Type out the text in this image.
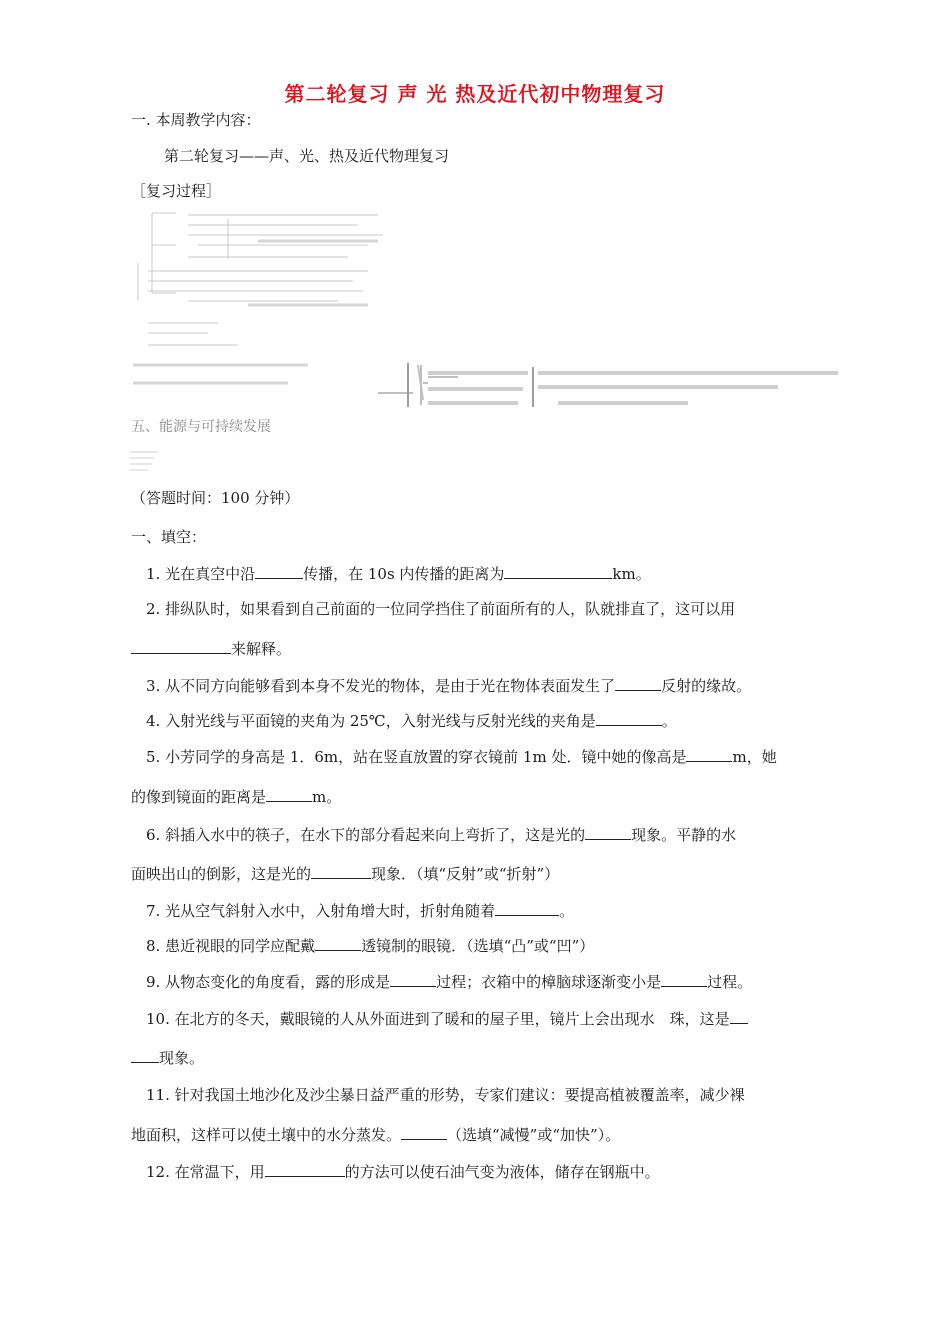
第二轮复习 声 光 热及近代初中物理复习
一. 本周教学内容：
第二轮复习——声、光、热及近代物理复习
［复习过程］
五、能源与可持续发展
（答题时间：100 分钟）
一、填空：
1. 光在真空中沿	传播，在 10s 内传播的距离为	km。
2. 排纵队时，如果看到自己前面的一位同学挡住了前面所有的人，队就排直了，这可以用
来解释。
3. 从不同方向能够看到本身不发光的物体，是由于光在物体表面发生了	反射的缘故。
4. 入射光线与平面镜的夹角为 25℃，入射光线与反射光线的夹角是	。
5. 小芳同学的身高是 1．6m，站在竖直放置的穿衣镜前 1m 处．镜中她的像高是	m，她
的像到镜面的距离是	m。
6. 斜插入水中的筷子，在水下的部分看起来向上弯折了，这是光的	现象。平静的水
面映出山的倒影，这是光的	现象．（填“反射”或“折射”）
7. 光从空气斜射入水中，入射角增大时，折射角随着	。
8. 患近视眼的同学应配戴	透镜制的眼镜．（选填“凸”或“凹”）
9. 从物态变化的角度看，露的形成是	过程；衣箱中的樟脑球逐渐变小是	过程。
10. 在北方的冬天，戴眼镜的人从外面进到了暖和的屋子里，镜片上会出现水　珠，这是
现象。
11. 针对我国土地沙化及沙尘暴日益严重的形势，专家们建议：要提高植被覆盖率，减少裸
地面积，这样可以使土壤中的水分蒸发。	（选填“减慢”或“加快”）。
12. 在常温下，用	的方法可以使石油气变为液体，储存在钢瓶中。
